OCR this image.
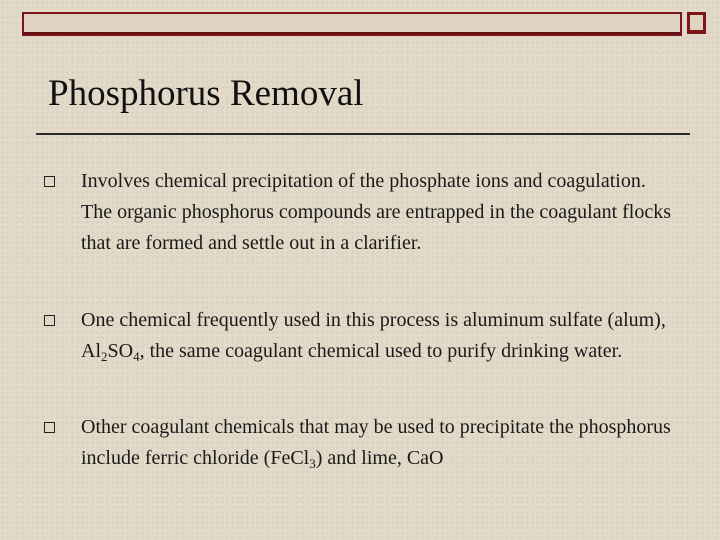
Phosphorus Removal
Involves chemical precipitation of the phosphate ions and coagulation. The organic phosphorus compounds are entrapped in the coagulant flocks that are formed and settle out in a clarifier.
One chemical frequently used in this process is aluminum sulfate (alum), $Al_2SO_4$, the same coagulant chemical used to purify drinking water.
Other coagulant chemicals that may be used to precipitate the phosphorus include ferric chloride (FeCl$_3$) and lime, CaO
